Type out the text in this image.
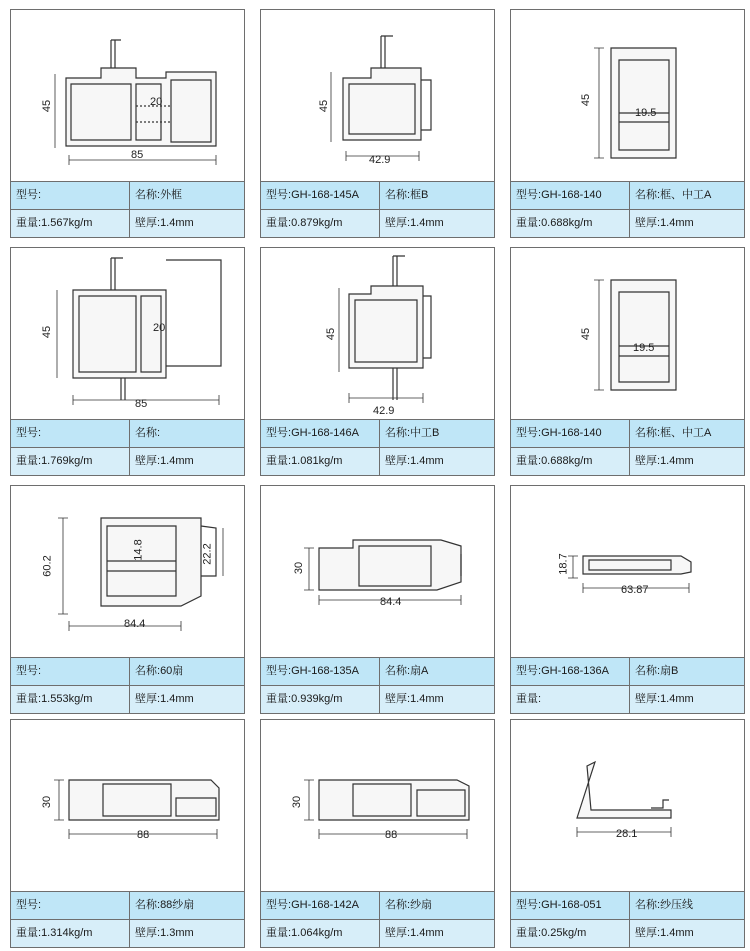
45
85
20
型号:	名称:外框
重量:1.567kg/m	壁厚:1.4mm
45
42.9
型号:GH-168-145A	名称:框B
重量:0.879kg/m	壁厚:1.4mm
45
19.5
型号:GH-168-140	名称:框、中工A
重量:0.688kg/m	壁厚:1.4mm
45
85
20
型号:	名称:
重量:1.769kg/m	壁厚:1.4mm
45
42.9
型号:GH-168-146A	名称:中工B
重量:1.081kg/m	壁厚:1.4mm
45
19.5
型号:GH-168-140	名称:框、中工A
重量:0.688kg/m	壁厚:1.4mm
60.2
84.4
22.2
14.8
型号:	名称:60扇
重量:1.553kg/m	壁厚:1.4mm
30
84.4
型号:GH-168-135A	名称:扇A
重量:0.939kg/m	壁厚:1.4mm
18.7
63.87
型号:GH-168-136A	名称:扇B
重量:	壁厚:1.4mm
30
88
型号:	名称:88纱扇
重量:1.314kg/m	壁厚:1.3mm
30
88
型号:GH-168-142A	名称:纱扇
重量:1.064kg/m	壁厚:1.4mm
28.1
型号:GH-168-051	名称:纱压线
重量:0.25kg/m	壁厚:1.4mm
